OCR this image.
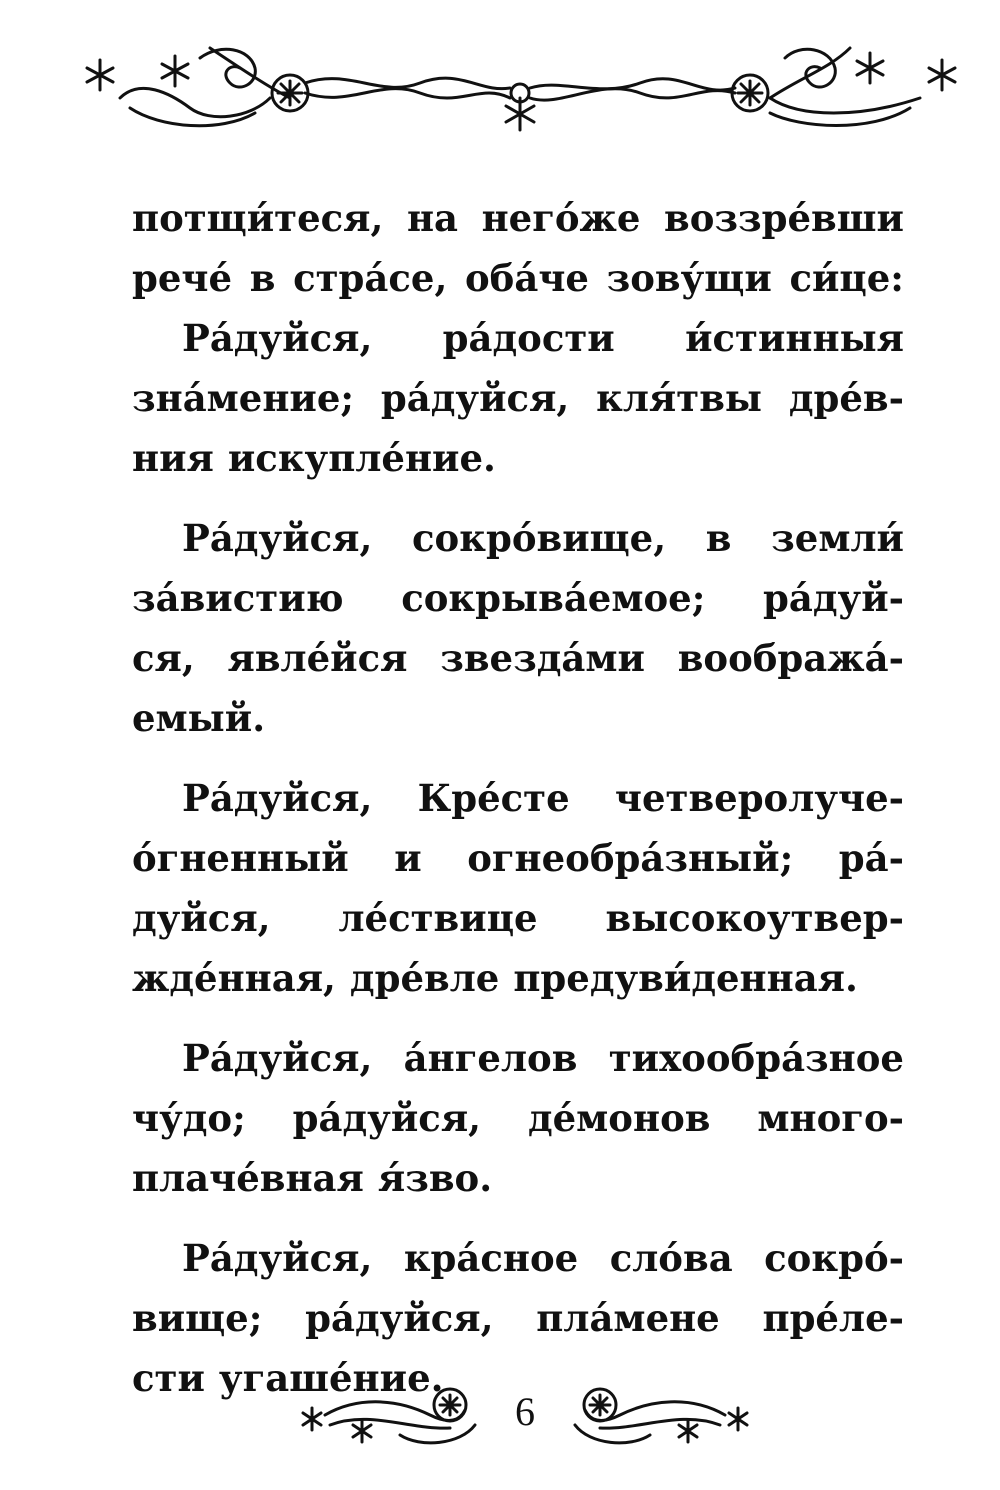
потщи́теся, на него́же воззре́вши
рече́ в стра́се, оба́че зову́щи си́це:
Ра́дуйся, ра́дости и́стинныя
зна́мение; ра́дуйся, кля́твы дре́в-
ния искупле́ние.
Ра́дуйся, сокро́вище, в земли́
за́вистию сокрыва́емое; ра́дуй-
ся, явле́йся звезда́ми вообража́-
емый.
Ра́дуйся, Кре́сте четверолуче-
о́гненный и огнеобра́зный; ра́-
дуйся, ле́ствице высокоутвер-
жде́нная, дре́вле предуви́денная.
Ра́дуйся, а́нгелов тихообра́зное
чу́до; ра́дуйся, де́монов много-
плаче́вная я́зво.
Ра́дуйся, кра́сное сло́ва сокро́-
вище; ра́дуйся, пла́мене пре́ле-
сти угаше́ние.
6
